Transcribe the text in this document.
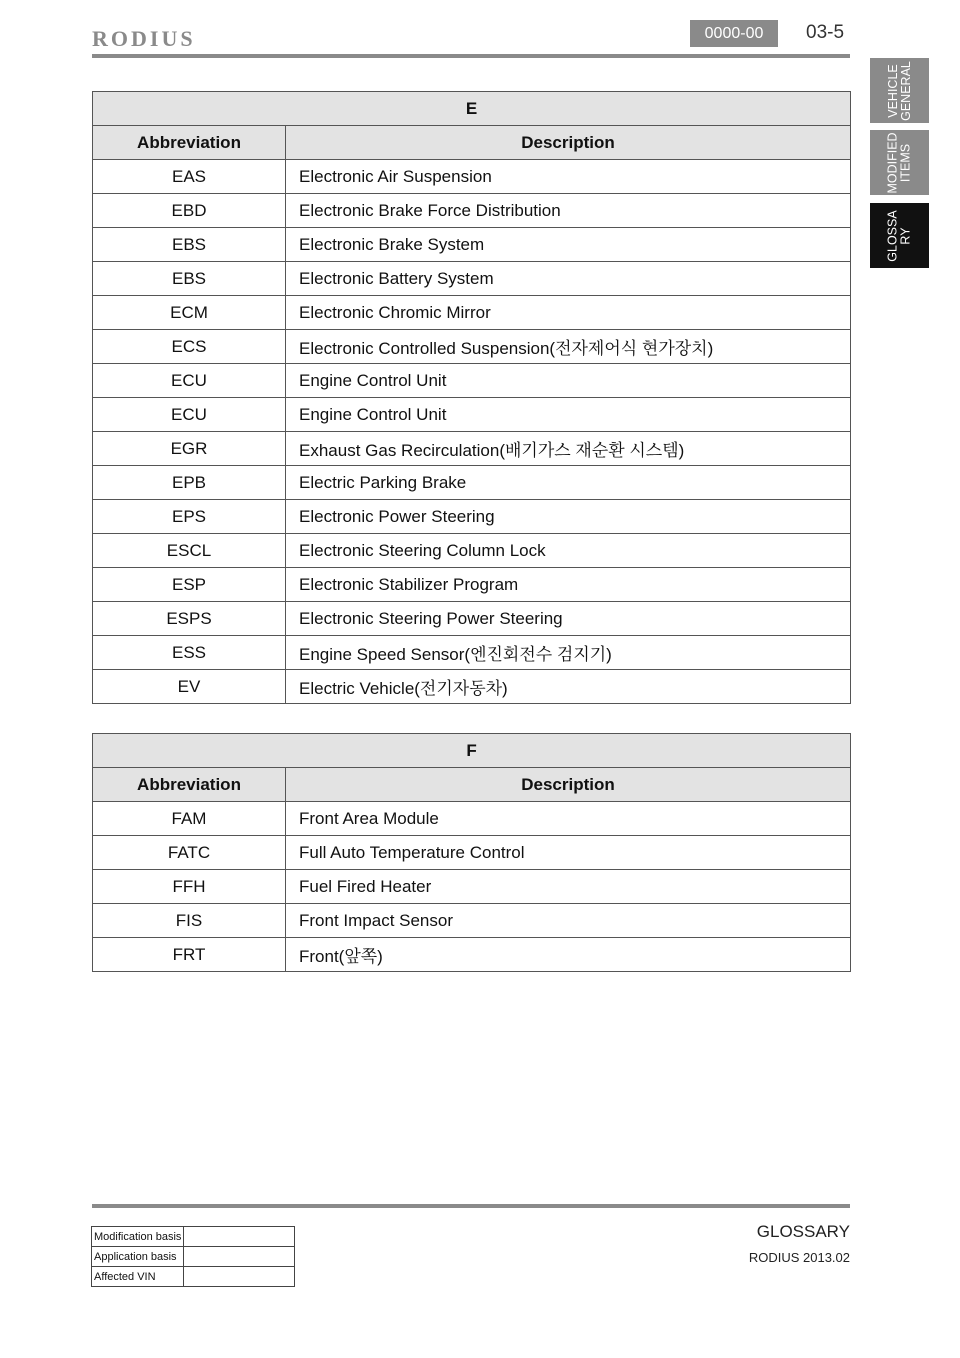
RODIUS	0000-00	03-5
VEHICLE
GENERAL
MODIFIED
ITEMS
GLOSSA
RY
E	
Abbreviation	Description
EAS	Electronic Air Suspension
EBD	Electronic Brake Force Distribution
EBS	Electronic Brake System
EBS	Electronic Battery System
ECM	Electronic Chromic Mirror
ECS	Electronic Controlled Suspension(전자제어식 현가장치)
ECU	Engine Control Unit
ECU	Engine Control Unit
EGR	Exhaust Gas Recirculation(배기가스 재순환 시스템)
EPB	Electric Parking Brake
EPS	Electronic Power Steering
ESCL	Electronic Steering Column Lock
ESP	Electronic Stabilizer Program
ESPS	Electronic Steering Power Steering
ESS	Engine Speed Sensor(엔진회전수 검지기)
EV	Electric Vehicle(전기자동차)
F	
Abbreviation	Description
FAM	Front Area Module
FATC	Full Auto Temperature Control
FFH	Fuel Fired Heater
FIS	Front Impact Sensor
FRT	Front(앞쪽)
Modification basis	
Application basis	
Affected VIN	
GLOSSARY
RODIUS 2013.02
